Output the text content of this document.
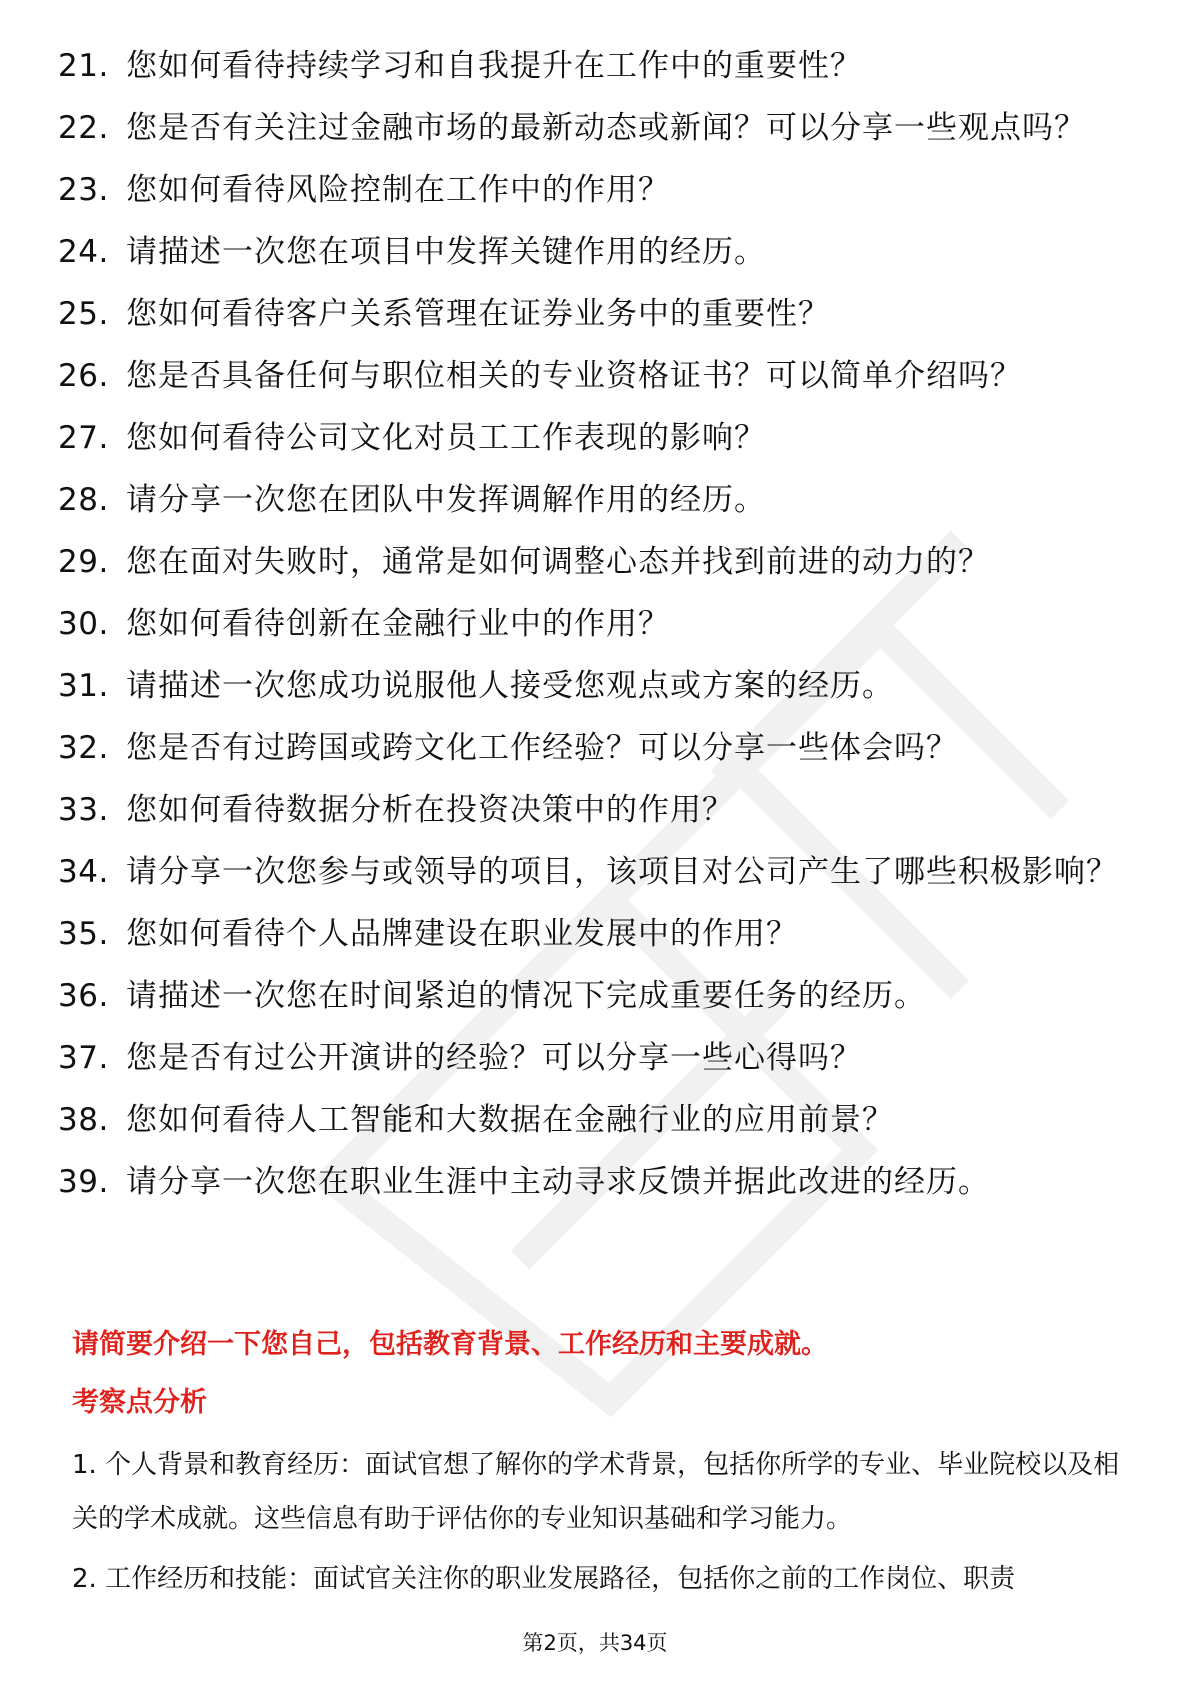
21. 您如何看待持续学习和自我提升在工作中的重要性？
22. 您是否有关注过金融市场的最新动态或新闻？可以分享一些观点吗？
23. 您如何看待风险控制在工作中的作用？
24. 请描述一次您在项目中发挥关键作用的经历。
25. 您如何看待客户关系管理在证券业务中的重要性？
26. 您是否具备任何与职位相关的专业资格证书？可以简单介绍吗？
27. 您如何看待公司文化对员工工作表现的影响？
28. 请分享一次您在团队中发挥调解作用的经历。
29. 您在面对失败时，通常是如何调整心态并找到前进的动力的？
30. 您如何看待创新在金融行业中的作用？
31. 请描述一次您成功说服他人接受您观点或方案的经历。
32. 您是否有过跨国或跨文化工作经验？可以分享一些体会吗？
33. 您如何看待数据分析在投资决策中的作用？
34. 请分享一次您参与或领导的项目，该项目对公司产生了哪些积极影响？
35. 您如何看待个人品牌建设在职业发展中的作用？
36. 请描述一次您在时间紧迫的情况下完成重要任务的经历。
37. 您是否有过公开演讲的经验？可以分享一些心得吗？
38. 您如何看待人工智能和大数据在金融行业的应用前景？
39. 请分享一次您在职业生涯中主动寻求反馈并据此改进的经历。

请简要介绍一下您自己，包括教育背景、工作经历和主要成就。

考察点分析

1. 个人背景和教育经历：面试官想了解你的学术背景，包括你所学的专业、毕业院校以及相关的学术成就。这些信息有助于评估你的专业知识基础和学习能力。
2. 工作经历和技能：面试官关注你的职业发展路径，包括你之前的工作岗位、职责
第2页，共34页
